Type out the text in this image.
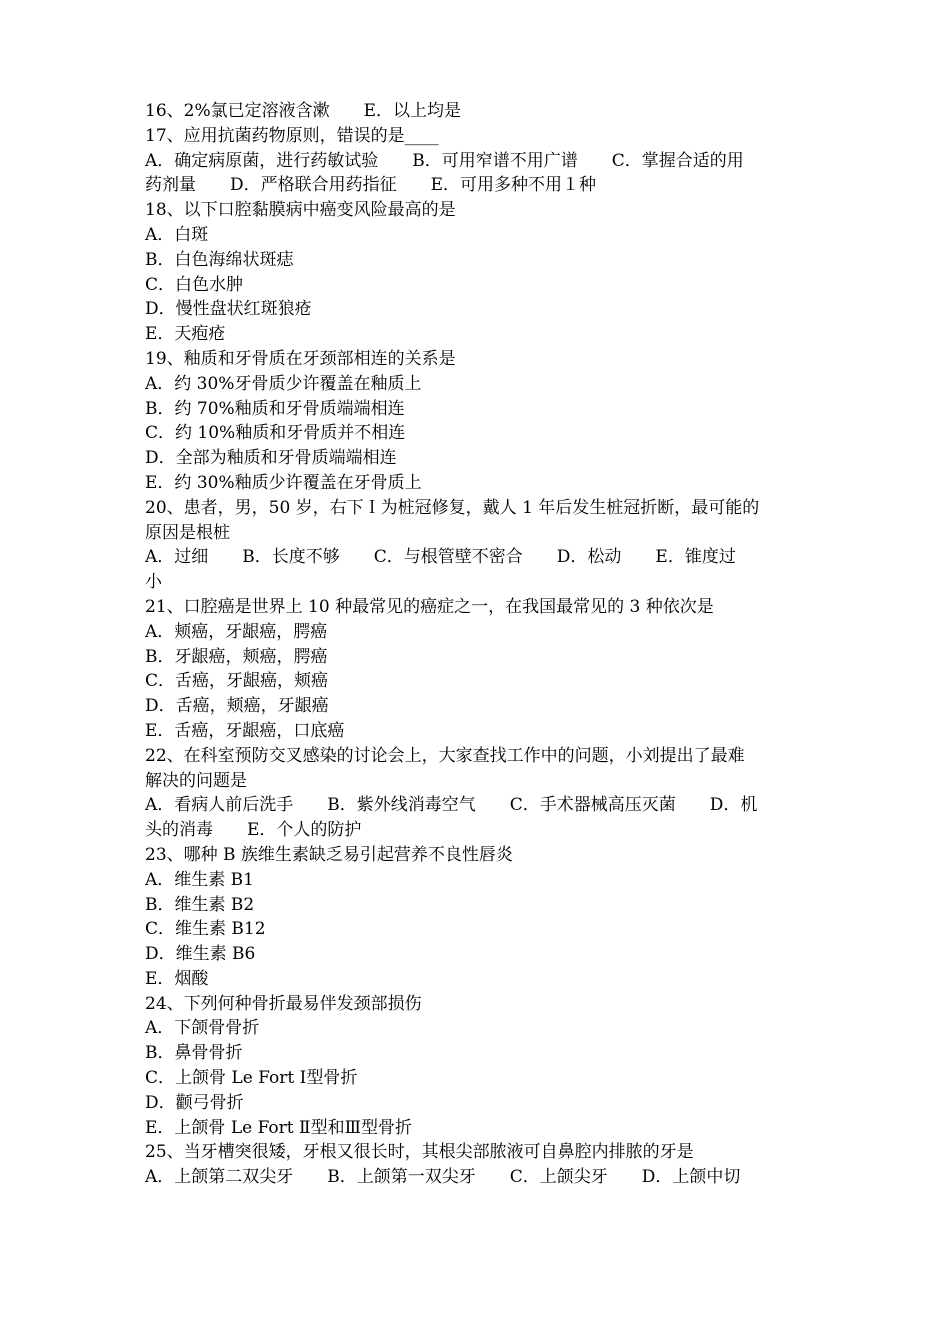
16、2%氯已定溶液含漱　　E．以上均是
17、应用抗菌药物原则，错误的是____
A．确定病原菌，进行药敏试验　　B．可用窄谱不用广谱　　C．掌握合适的用
药剂量　　D．严格联合用药指征　　E．可用多种不用１种
18、以下口腔黏膜病中癌变风险最高的是
A．白斑
B．白色海绵状斑痣
C．白色水肿
D．慢性盘状红斑狼疮
E．天疱疮
19、釉质和牙骨质在牙颈部相连的关系是
A．约 30%牙骨质少许覆盖在釉质上
B．约 70%釉质和牙骨质端端相连
C．约 10%釉质和牙骨质并不相连
D．全部为釉质和牙骨质端端相连
E．约 30%釉质少许覆盖在牙骨质上
20、患者，男，50 岁，右下Ｉ为桩冠修复，戴人 1 年后发生桩冠折断，最可能的
原因是根桩
A．过细　　B．长度不够　　C．与根管壁不密合　　D．松动　　E．锥度过
小
21、口腔癌是世界上 10 种最常见的癌症之一，在我国最常见的 3 种依次是
A．颊癌，牙龈癌，腭癌
B．牙龈癌，颊癌，腭癌
C．舌癌，牙龈癌，颊癌
D．舌癌，颊癌，牙龈癌
E．舌癌，牙龈癌，口底癌
22、在科室预防交叉感染的讨论会上，大家查找工作中的问题，小刘提出了最难
解决的问题是
A．看病人前后洗手　　B．紫外线消毒空气　　C．手术器械高压灭菌　　D．机
头的消毒　　E．个人的防护
23、哪种 B 族维生素缺乏易引起营养不良性唇炎
A．维生素 B1
B．维生素 B2
C．维生素 B12
D．维生素 B6
E．烟酸
24、下列何种骨折最易伴发颈部损伤
A．下颌骨骨折
B．鼻骨骨折
C．上颌骨 Le Fort Ⅰ型骨折
D．颧弓骨折
E．上颌骨 Le Fort Ⅱ型和Ⅲ型骨折
25、当牙槽突很矮，牙根又很长时，其根尖部脓液可自鼻腔内排脓的牙是
A．上颌第二双尖牙　　B．上颌第一双尖牙　　C．上颌尖牙　　D．上颌中切
